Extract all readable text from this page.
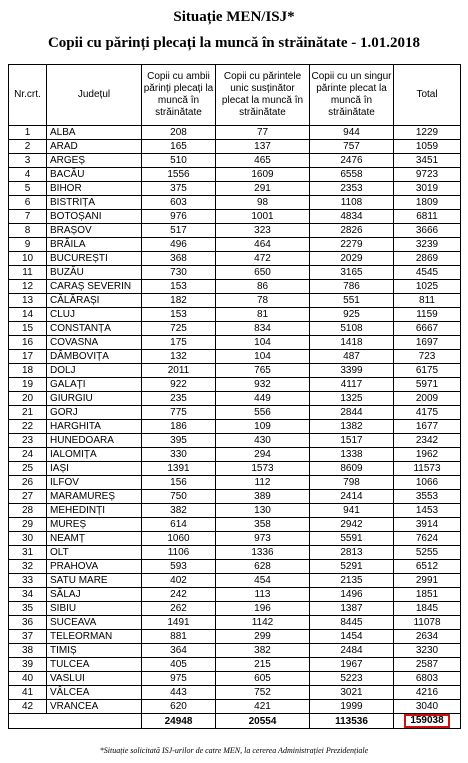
Situație MEN/ISJ*
Copii cu părinți plecați la muncă în străinătate - 1.01.2018
Nr.crt.	Județul	Copii cu ambii părinți plecați la muncă în străinătate	Copii cu părintele unic susținător plecat la muncă în străinătate	Copii cu un singur părinte plecat la muncă în străinătate	Total
1	ALBA	208	77	944	1229
2	ARAD	165	137	757	1059
3	ARGEȘ	510	465	2476	3451
4	BACĂU	1556	1609	6558	9723
5	BIHOR	375	291	2353	3019
6	BISTRIȚA	603	98	1108	1809
7	BOTOȘANI	976	1001	4834	6811
8	BRAȘOV	517	323	2826	3666
9	BRĂILA	496	464	2279	3239
10	BUCUREȘTI	368	472	2029	2869
11	BUZĂU	730	650	3165	4545
12	CARAȘ SEVERIN	153	86	786	1025
13	CĂLĂRAȘI	182	78	551	811
14	CLUJ	153	81	925	1159
15	CONSTANȚA	725	834	5108	6667
16	COVASNA	175	104	1418	1697
17	DÂMBOVIȚA	132	104	487	723
18	DOLJ	2011	765	3399	6175
19	GALAȚI	922	932	4117	5971
20	GIURGIU	235	449	1325	2009
21	GORJ	775	556	2844	4175
22	HARGHITA	186	109	1382	1677
23	HUNEDOARA	395	430	1517	2342
24	IALOMIȚA	330	294	1338	1962
25	IAȘI	1391	1573	8609	11573
26	ILFOV	156	112	798	1066
27	MARAMUREȘ	750	389	2414	3553
28	MEHEDINȚI	382	130	941	1453
29	MUREȘ	614	358	2942	3914
30	NEAMȚ	1060	973	5591	7624
31	OLT	1106	1336	2813	5255
32	PRAHOVA	593	628	5291	6512
33	SATU MARE	402	454	2135	2991
34	SĂLAJ	242	113	1496	1851
35	SIBIU	262	196	1387	1845
36	SUCEAVA	1491	1142	8445	11078
37	TELEORMAN	881	299	1454	2634
38	TIMIȘ	364	382	2484	3230
39	TULCEA	405	215	1967	2587
40	VASLUI	975	605	5223	6803
41	VÂLCEA	443	752	3021	4216
42	VRANCEA	620	421	1999	3040
		24948	20554	113536	159038
*Situație solicitată ISJ-urilor de catre MEN, la cererea Administrației Prezidențiale
